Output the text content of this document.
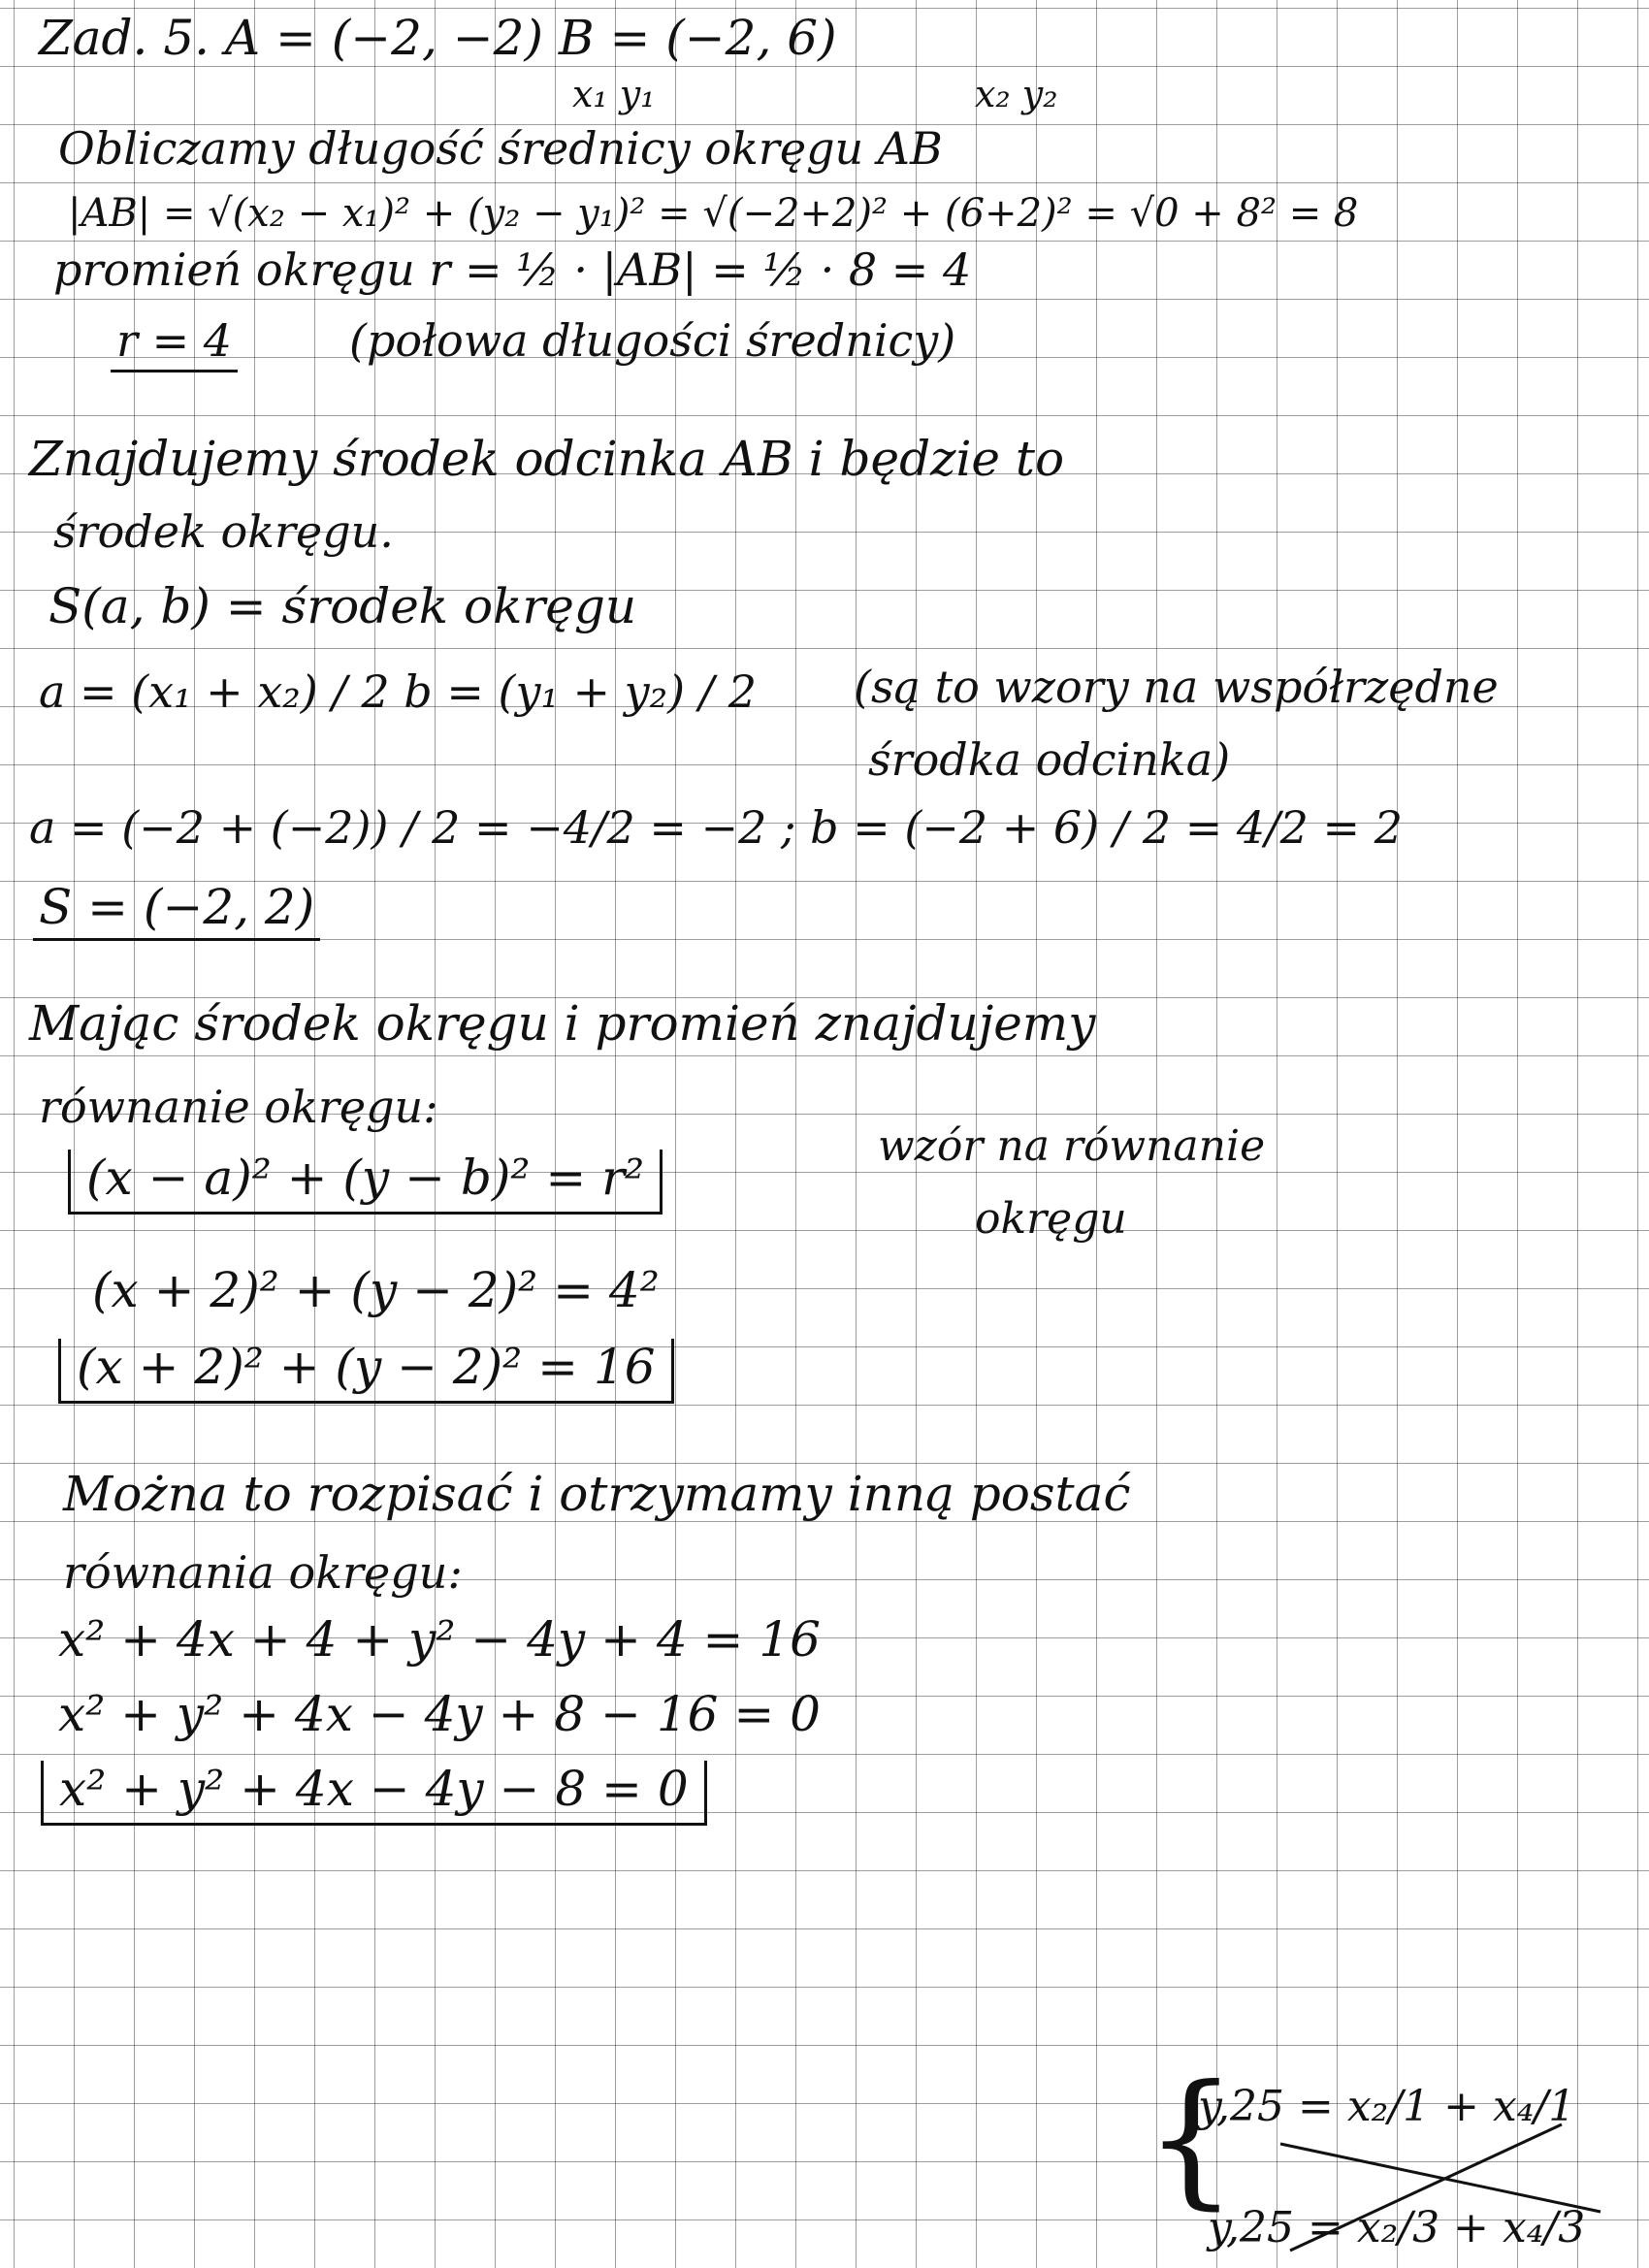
Zad. 5. A = (−2, −2) B = (−2, 6)
x₁ y₁	x₂ y₂
Obliczamy długość średnicy okręgu AB
|AB| = √(x₂ − x₁)² + (y₂ − y₁)² = √(−2+2)² + (6+2)² = √0 + 8² = 8
promień okręgu r = ½ · |AB| = ½ · 8 = 4
r = 4	(połowa długości średnicy)
Znajdujemy środek odcinka AB i będzie to
środek okręgu.
S(a, b) = środek okręgu
a = (x₁ + x₂) / 2 b = (y₁ + y₂) / 2 (są to wzory na współrzędne
środka odcinka)
a = (−2 + (−2)) / 2 = −4/2 = −2 ; b = (−2 + 6) / 2 = 4/2 = 2
S = (−2, 2)
Mając środek okręgu i promień znajdujemy
równanie okręgu:
(x − a)² + (y − b)² = r²
wzór na równanie
okręgu
(x + 2)² + (y − 2)² = 4²
(x + 2)² + (y − 2)² = 16
Można to rozpisać i otrzymamy inną postać
równania okręgu:
x² + 4x + 4 + y² − 4y + 4 = 16
x² + y² + 4x − 4y + 8 − 16 = 0
x² + y² + 4x − 4y − 8 = 0
{
y,25 = x₂/1 + x₄/1
y,25 = x₂/3 + x₄/3
